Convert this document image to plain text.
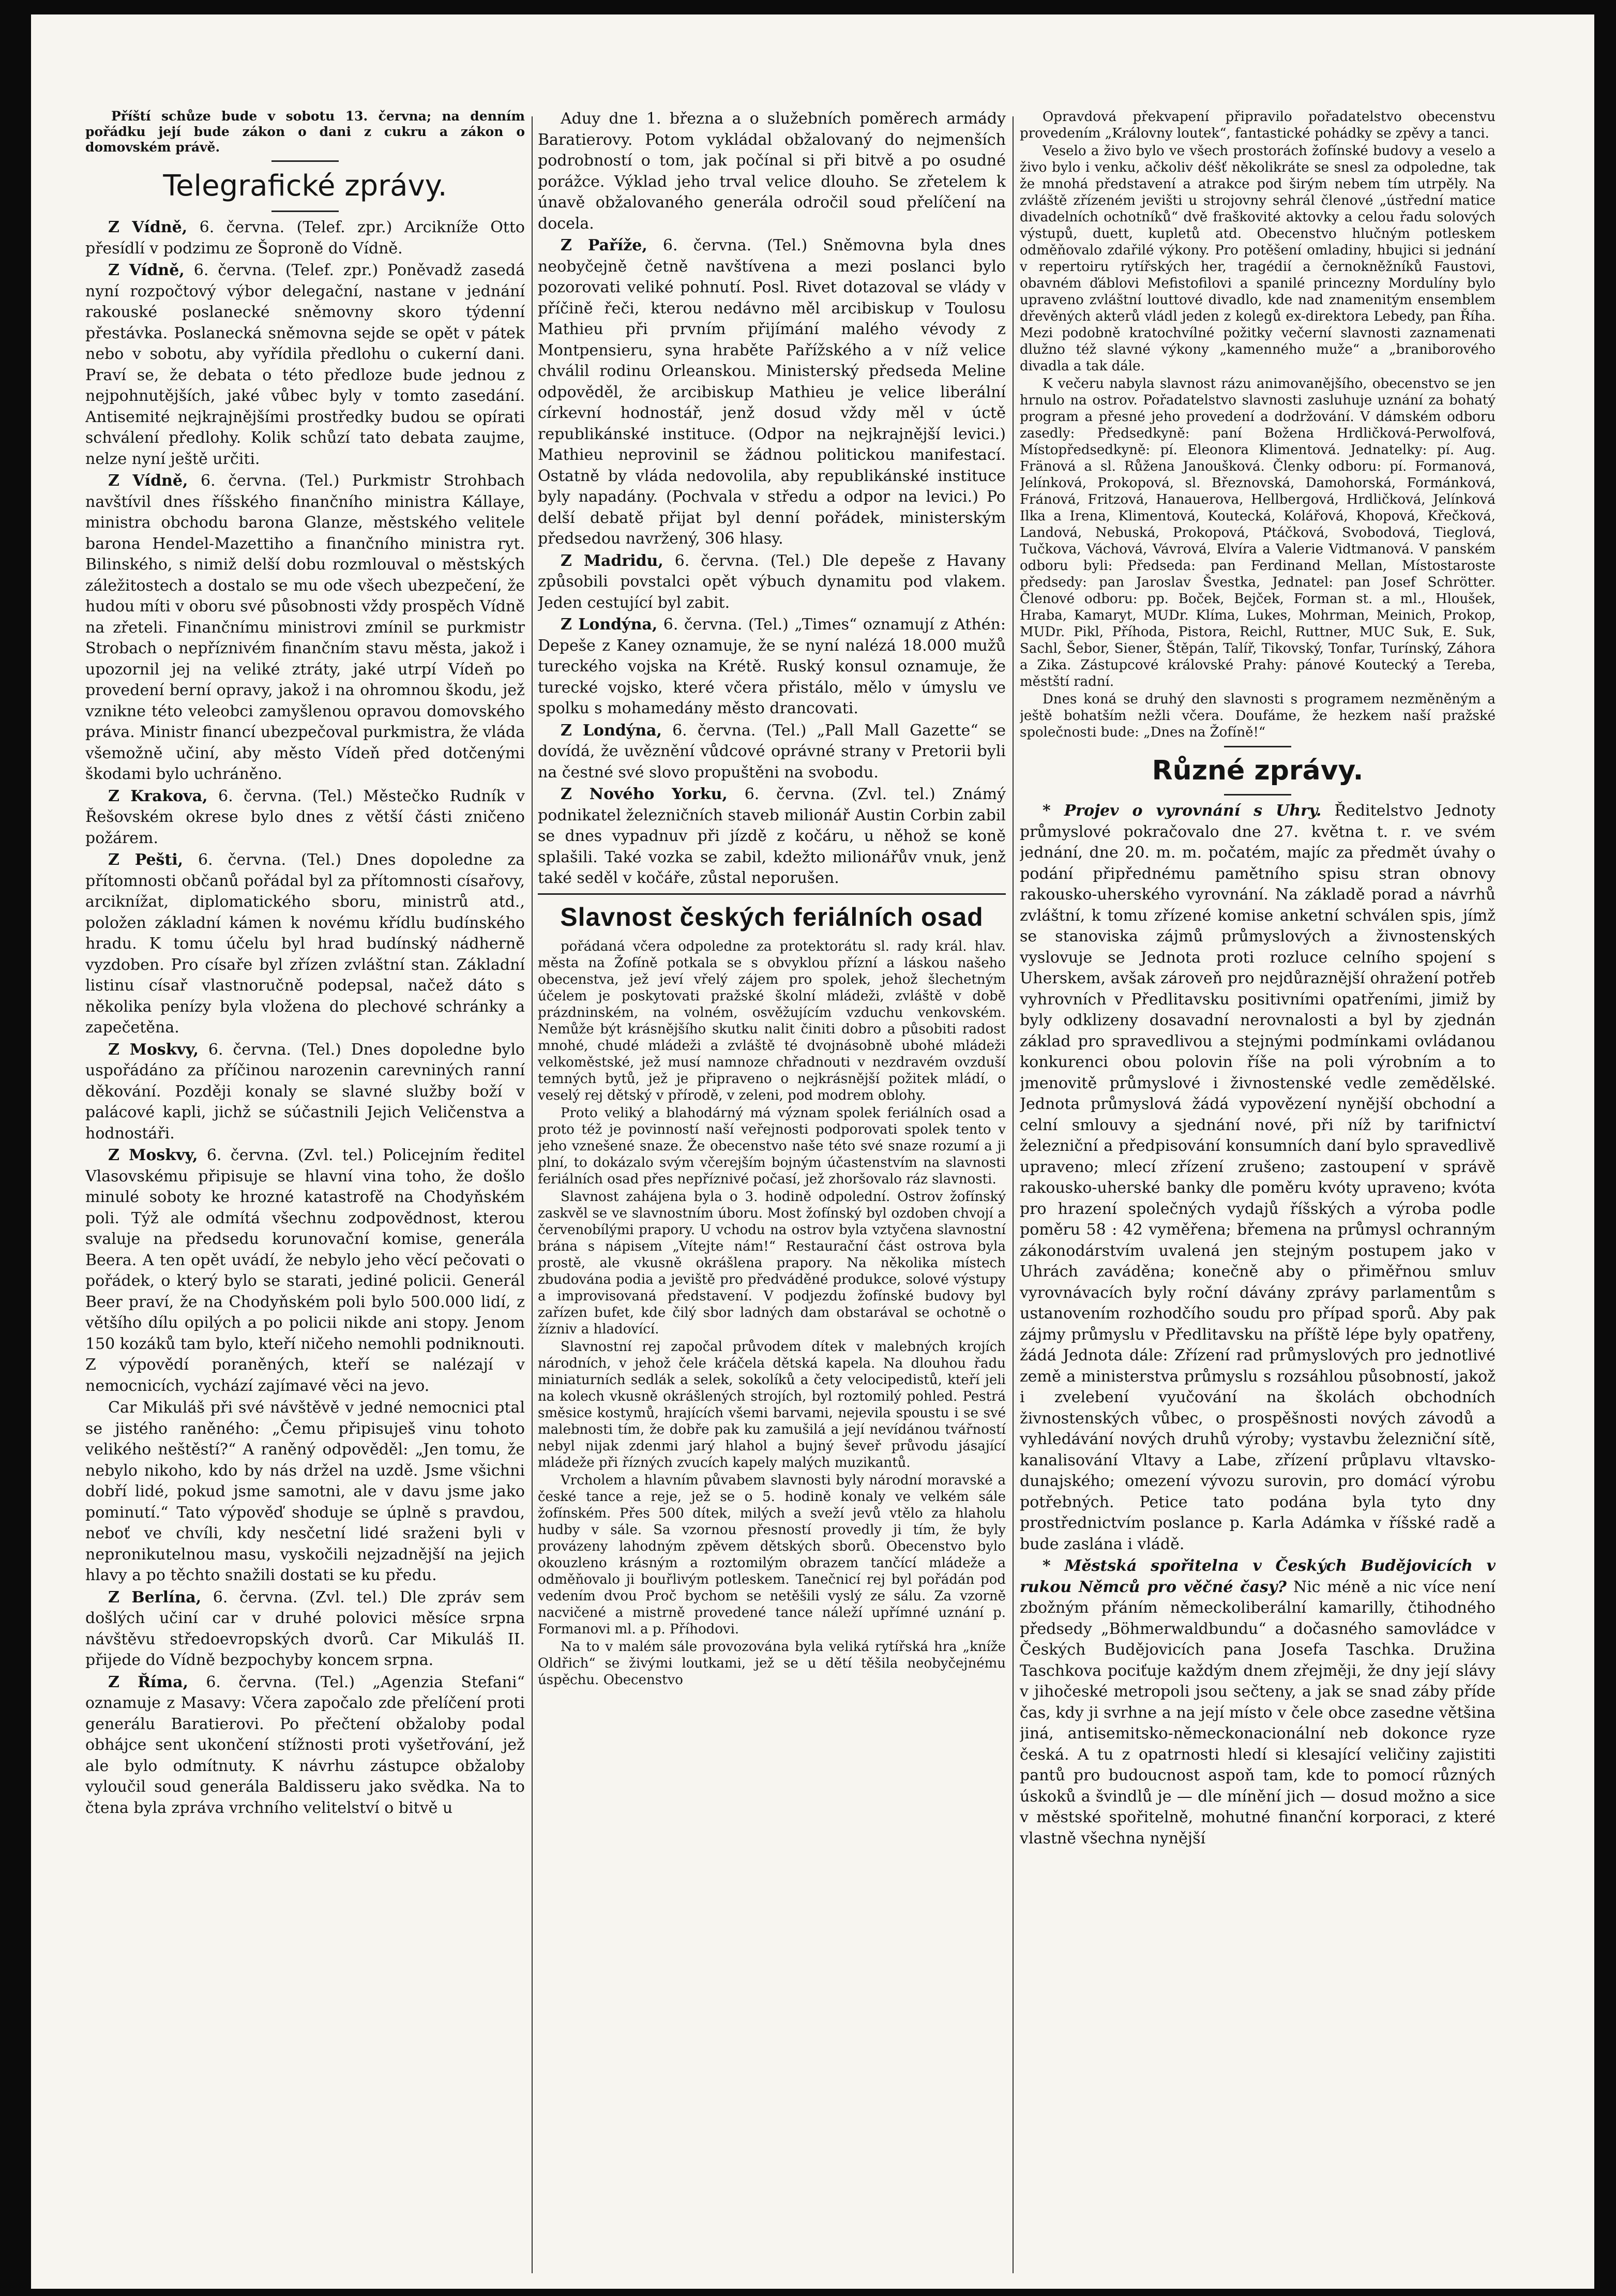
Příští schůze bude v sobotu 13. června; na denním pořádku její bude zákon o dani z cukru a zákon o domovském právě.

Telegrafické zprávy.

Z Vídně, 6. června. (Telef. zpr.) Arcikníže Otto přesídlí v podzimu ze Šoproně do Vídně.

Z Vídně, 6. června. (Telef. zpr.) Poněvadž zasedá nyní rozpočtový výbor delegační, nastane v jednání rakouské poslanecké sněmovny skoro týdenní přestávka. Poslanecká sněmovna sejde se opět v pátek nebo v sobotu, aby vyřídila předlohu o cukerní dani. Praví se, že debata o této předloze bude jednou z nejpohnutějších, jaké vůbec byly v tomto zasedání. Antisemité nejkrajnějšími prostředky budou se opírati schválení předlohy. Kolik schůzí tato debata zaujme, nelze nyní ještě určiti.

Z Vídně, 6. června. (Tel.) Purkmistr Strohbach navštívil dnes říšského finančního ministra Kállaye, ministra obchodu barona Glanze, městského velitele barona Hendel-Mazettiho a finančního ministra ryt. Bilinského, s nimiž delší dobu rozmlouval o městských záležitostech a dostalo se mu ode všech ubezpečení, že hudou míti v oboru své působnosti vždy prospěch Vídně na zřeteli. Finančnímu ministrovi zmínil se purkmistr Strobach o nepříznivém finančním stavu města, jakož i upozornil jej na veliké ztráty, jaké utrpí Vídeň po provedení berní opravy, jakož i na ohromnou škodu, jež vznikne této veleobci zamyšlenou opravou domovského práva. Ministr financí ubezpečoval purkmistra, že vláda všemožně učiní, aby město Vídeň před dotčenými škodami bylo uchráněno.

Z Krakova, 6. června. (Tel.) Městečko Rudník v Řešovském okrese bylo dnes z větší části zničeno požárem.

Z Pešti, 6. června. (Tel.) Dnes dopoledne za přítomnosti občanů pořádal byl za přítomnosti císařovy, arciknížat, diplomatického sboru, ministrů atd., položen základní kámen k novému křídlu budínského hradu. K tomu účelu byl hrad budínský nádherně vyzdoben. Pro císaře byl zřízen zvláštní stan. Základní listinu císař vlastnoručně podepsal, načež dáto s několika penízy byla vložena do plechové schránky a zapečetěna.

Z Moskvy, 6. června. (Tel.) Dnes dopoledne bylo uspořádáno za příčinou narozenin carevniných ranní děkování. Později konaly se slavné služby boží v palácové kapli, jichž se súčastnili Jejich Veličenstva a hodnostáři.

Z Moskvy, 6. června. (Zvl. tel.) Policejním ředitel Vlasovskému připisuje se hlavní vina toho, že došlo minulé soboty ke hrozné katastrofě na Chodyňském poli. Týž ale odmítá všechnu zodpovědnost, kterou svaluje na předsedu korunovační komise, generála Beera. A ten opět uvádí, že nebylo jeho věcí pečovati o pořádek, o který bylo se starati, jediné policii. Generál Beer praví, že na Chodyňském poli bylo 500.000 lidí, z většího dílu opilých a po policii nikde ani stopy. Jenom 150 kozáků tam bylo, kteří ničeho nemohli podniknouti. Z výpovědí poraněných, kteří se nalézají v nemocnicích, vychází zajímavé věci na jevo.

Car Mikuláš při své návštěvě v jedné nemocnici ptal se jistého raněného: „Čemu připisuješ vinu tohoto velikého neštěstí?“ A raněný odpověděl: „Jen tomu, že nebylo nikoho, kdo by nás držel na uzdě. Jsme všichni dobří lidé, pokud jsme samotni, ale v davu jsme jako pominutí.“ Tato výpověď shoduje se úplně s pravdou, neboť ve chvíli, kdy nesčetní lidé sraženi byli v nepronikutelnou masu, vyskočili nejzadnější na jejich hlavy a po těchto snažili dostati se ku předu.

Z Berlína, 6. června. (Zvl. tel.) Dle zpráv sem došlých učiní car v druhé polovici měsíce srpna návštěvu středoevropských dvorů. Car Mikuláš II. přijede do Vídně bezpochyby koncem srpna.

Z Říma, 6. června. (Tel.) „Agenzia Stefani“ oznamuje z Masavy: Včera započalo zde přelíčení proti generálu Baratierovi. Po přečtení obžaloby podal obhájce sent ukončení stížnosti proti vyšetřování, jež ale bylo odmítnuty. K návrhu zástupce obžaloby vyloučil soud generála Baldisseru jako svědka. Na to čtena byla zpráva vrchního velitelství o bitvě u

Aduy dne 1. března a o služebních poměrech armády Baratierovy. Potom vykládal obžalovaný do nejmenších podrobností o tom, jak počínal si při bitvě a po osudné porážce. Výklad jeho trval velice dlouho. Se zřetelem k únavě obžalovaného generála odročil soud přelíčení na docela.

Z Paříže, 6. června. (Tel.) Sněmovna byla dnes neobyčejně četně navštívena a mezi poslanci bylo pozorovati veliké pohnutí. Posl. Rivet dotazoval se vlády v příčině řeči, kterou nedávno měl arcibiskup v Toulosu Mathieu při prvním přijímání malého vévody z Montpensieru, syna hraběte Pařížského a v níž velice chválil rodinu Orleanskou. Ministerský předseda Meline odpověděl, že arcibiskup Mathieu je velice liberální církevní hodnostář, jenž dosud vždy měl v úctě republikánské instituce. (Odpor na nejkrajnější levici.) Mathieu neprovinil se žádnou politickou manifestací. Ostatně by vláda nedovolila, aby republikánské instituce byly napadány. (Pochvala v středu a odpor na levici.) Po delší debatě přijat byl denní pořádek, ministerským předsedou navržený, 306 hlasy.

Z Madridu, 6. června. (Tel.) Dle depeše z Havany způsobili povstalci opět výbuch dynamitu pod vlakem. Jeden cestující byl zabit.

Z Londýna, 6. června. (Tel.) „Times“ oznamují z Athén: Depeše z Kaney oznamuje, že se nyní nalézá 18.000 mužů tureckého vojska na Krétě. Ruský konsul oznamuje, že turecké vojsko, které včera přistálo, mělo v úmyslu ve spolku s mohamedány město drancovati.

Z Londýna, 6. června. (Tel.) „Pall Mall Gazette“ se dovídá, že uvěznění vůdcové oprávné strany v Pretorii byli na čestné své slovo propuštěni na svobodu.

Z Nového Yorku, 6. června. (Zvl. tel.) Známý podnikatel železničních staveb milionář Austin Corbin zabil se dnes vypadnuv při jízdě z kočáru, u něhož se koně splašili. Také vozka se zabil, kdežto milionářův vnuk, jenž také seděl v kočáře, zůstal neporušen.

Slavnost českých feriálních osad

pořádaná včera odpoledne za protektorátu sl. rady král. hlav. města na Žofíně potkala se s obvyklou přízní a láskou našeho obecenstva, jež jeví vřelý zájem pro spolek, jehož šlechetným účelem je poskytovati pražské školní mládeži, zvláště v době prázdninském, na volném, osvěžujícím vzduchu venkovském. Nemůže být krásnějšího skutku nalit činiti dobro a působiti radost mnohé, chudé mládeži a zvláště té dvojnásobně ubohé mládeži velkoměstské, jež musí namnoze chřadnouti v nezdravém ovzduší temných bytů, jež je připraveno o nejkrásnější požitek mládí, o veselý rej dětský v přírodě, v zeleni, pod modrem oblohy.

Proto veliký a blahodárný má význam spolek feriálních osad a proto též je povinností naší veřejnosti podporovati spolek tento v jeho vznešené snaze. Že obecenstvo naše této své snaze rozumí a ji plní, to dokázalo svým včerejším bojným účastenstvím na slavnosti feriálních osad přes nepříznivé počasí, jež zhoršovalo ráz slavnosti.

Slavnost zahájena byla o 3. hodině odpolední. Ostrov žofínský zaskvěl se ve slavnostním úboru. Most žofínský byl ozdoben chvojí a červenobílými prapory. U vchodu na ostrov byla vztyčena slavnostní brána s nápisem „Vítejte nám!“ Restaurační část ostrova byla prostě, ale vkusně okrášlena prapory. Na několika místech zbudována podia a jeviště pro předváděné produkce, solové výstupy a improvisovaná představení. V podjezdu žofínské budovy byl zařízen bufet, kde čilý sbor ladných dam obstarával se ochotně o žízniv a hladovící.

Slavnostní rej započal průvodem dítek v malebných krojích národních, v jehož čele kráčela dětská kapela. Na dlouhou řadu miniaturních sedlák a selek, sokolíků a čety velocipedistů, kteří jeli na kolech vkusně okrášlených strojích, byl roztomilý pohled. Pestrá směsice kostymů, hrajících všemi barvami, nejevila spoustu i se své malebnosti tím, že dobře pak ku zamušilá a její nevídánou tvářností nebyl nijak zdenmi jarý hlahol a bujný ševeř průvodu jásající mládeže při řízných zvucích kapely malých muzikantů.

Vrcholem a hlavním půvabem slavnosti byly národní moravské a české tance a reje, jež se o 5. hodině konaly ve velkém sále žofínském. Přes 500 dítek, milých a sveží jevů vtělo za hlaholu hudby v sále. Sa vzornou přesností provedly ji tím, že byly provázeny lahodným zpěvem dětských sborů. Obecenstvo bylo okouzleno krásným a roztomilým obrazem tančící mládeže a odměňovalo ji bouřlivým potleskem. Tanečnicí rej byl pořádán pod vedením dvou Proč bychom se netěšili vyslý ze sálu. Za vzorně nacvičené a mistrně provedené tance náleží upřímné uznání p. Formanovi ml. a p. Příhodovi.

Na to v malém sále provozována byla veliká rytířská hra „kníže Oldřich“ se živými loutkami, jež se u dětí těšila neobyčejnému úspěchu. Obecenstvo

Opravdová překvapení připravilo pořadatelstvo obecenstvu provedením „Královny loutek“, fantastické pohádky se zpěvy a tanci.

Veselo a živo bylo ve všech prostorách žofínské budovy a veselo a živo bylo i venku, ačkoliv déšť několikráte se snesl za odpoledne, tak že mnohá představení a atrakce pod širým nebem tím utrpěly. Na zvláště zřízeném jevišti u strojovny sehrál členové „ústřední matice divadelních ochotníků“ dvě fraškovité aktovky a celou řadu solových výstupů, duett, kupletů atd. Obecenstvo hlučným potleskem odměňovalo zdařilé výkony. Pro potěšení omladiny, hbujici si jednání v repertoiru rytířských her, tragédií a černokněžníků Faustovi, obavném ďáblovi Mefistofilovi a spanilé princezny Mordulíny bylo upraveno zvláštní louttové divadlo, kde nad znamenitým ensemblem dřevěných akterů vládl jeden z kolegů ex-direktora Lebedy, pan Říha. Mezi podobně kratochvílné požitky večerní slavnosti zaznamenati dlužno též slavné výkony „kamenného muže“ a „braniborového divadla a tak dále.

K večeru nabyla slavnost rázu animovanějšího, obecenstvo se jen hrnulo na ostrov. Pořadatelstvo slavnosti zasluhuje uznání za bohatý program a přesné jeho provedení a dodržování. V dámském odboru zasedly: Předsedkyně: paní Božena Hrdličková-Perwolfová, Místopředsedkyně: pí. Eleonora Klimentová. Jednatelky: pí. Aug. Fränová a sl. Růžena Janoušková. Členky odboru: pí. Formanová, Jelínková, Prokopová, sl. Březnovská, Damohorská, Formánková, Fránová, Fritzová, Hanauerova, Hellbergová, Hrdličková, Jelínková Ilka a Irena, Klimentová, Koutecká, Kolářová, Khopová, Křečková, Landová, Nebuská, Prokopová, Ptáčková, Svobodová, Tieglová, Tučkova, Váchová, Vávrová, Elvíra a Valerie Vidtmanová. V panském odboru byli: Předseda: pan Ferdinand Mellan, Místostaroste předsedy: pan Jaroslav Švestka, Jednatel: pan Josef Schrötter. Členové odboru: pp. Boček, Bejček, Forman st. a ml., Hloušek, Hraba, Kamaryt, MUDr. Klíma, Lukes, Mohrman, Meinich, Prokop, MUDr. Pikl, Příhoda, Pistora, Reichl, Ruttner, MUC Suk, E. Suk, Sachl, Šebor, Siener, Štěpán, Talíř, Tikovský, Tonfar, Turínský, Záhora a Zika. Zástupcové královské Prahy: pánové Koutecký a Tereba, městští radní.

Dnes koná se druhý den slavnosti s programem nezměněným a ještě bohatším nežli včera. Doufáme, že hezkem naší pražské společnosti bude: „Dnes na Žofíně!“

Různé zprávy.

* Projev o vyrovnání s Uhry. Ředitelstvo Jednoty průmyslové pokračovalo dne 27. května t. r. ve svém jednání, dne 20. m. m. počatém, majíc za předmět úvahy o podání připřednému pamětního spisu stran obnovy rakousko-uherského vyrovnání. Na základě porad a návrhů zvláštní, k tomu zřízené komise anketní schválen spis, jímž se stanoviska zájmů průmyslových a živnostenských vyslovuje se Jednota proti rozluce celního spojení s Uherskem, avšak zároveň pro nejdůraznější ohražení potřeb vyhrovních v Předlitavsku positivními opatřeními, jimiž by byly odklizeny dosavadní nerovnalosti a byl by zjednán základ pro spravedlivou a stejnými podmínkami ovládanou konkurenci obou polovin říše na poli výrobním a to jmenovitě průmyslové i živnostenské vedle zemědělské. Jednota průmyslová žádá vypovězení nynější obchodní a celní smlouvy a sjednání nové, při níž by tarifnictví železniční a předpisování konsumních daní bylo spravedlivě upraveno; mlecí zřízení zrušeno; zastoupení v správě rakousko-uherské banky dle poměru kvóty upraveno; kvóta pro hrazení společných vydajů říšských a výroba podle poměru 58 : 42 vyměřena; břemena na průmysl ochranným zákonodárstvím uvalená jen stejným postupem jako v Uhrách zaváděna; konečně aby o přiměřnou smluv vyrovnávacích byly roční dávány zprávy parlamentům s ustanovením rozhodčího soudu pro případ sporů. Aby pak zájmy průmyslu v Předlitavsku na příště lépe byly opatřeny, žádá Jednota dále: Zřízení rad průmyslových pro jednotlivé země a ministerstva průmyslu s rozsáhlou působností, jakož i zvelebení vyučování na školách obchodních živnostenských vůbec, o prospěšnosti nových závodů a vyhledávání nových druhů výroby; vystavbu železniční sítě, kanalisování Vltavy a Labe, zřízení průplavu vltavsko-dunajského; omezení vývozu surovin, pro domácí výrobu potřebných. Petice tato podána byla tyto dny prostřednictvím poslance p. Karla Adámka v říšské radě a bude zaslána i vládě.

* Městská spořitelna v Českých Budějovicích v rukou Němců pro věčné časy? Nic méně a nic více není zbožným přáním německoliberální kamarilly, čtihodného předsedy „Böhmerwaldbundu“ a dočasného samovládce v Českých Budějovicích pana Josefa Taschka. Družina Taschkova pociťuje každým dnem zřejměji, že dny její slávy v jihočeské metropoli jsou sečteny, a jak se snad záby příde čas, kdy ji svrhne a na její místo v čele obce zasedne většina jiná, antisemitsko-německonacionální neb dokonce ryze česká. A tu z opatrnosti hledí si klesající veličiny zajistiti pantů pro budoucnost aspoň tam, kde to pomocí různých úskoků a švindlů je — dle mínění jich — dosud možno a sice v městské spořitelně, mohutné finanční korporaci, z které vlastně všechna nynější
